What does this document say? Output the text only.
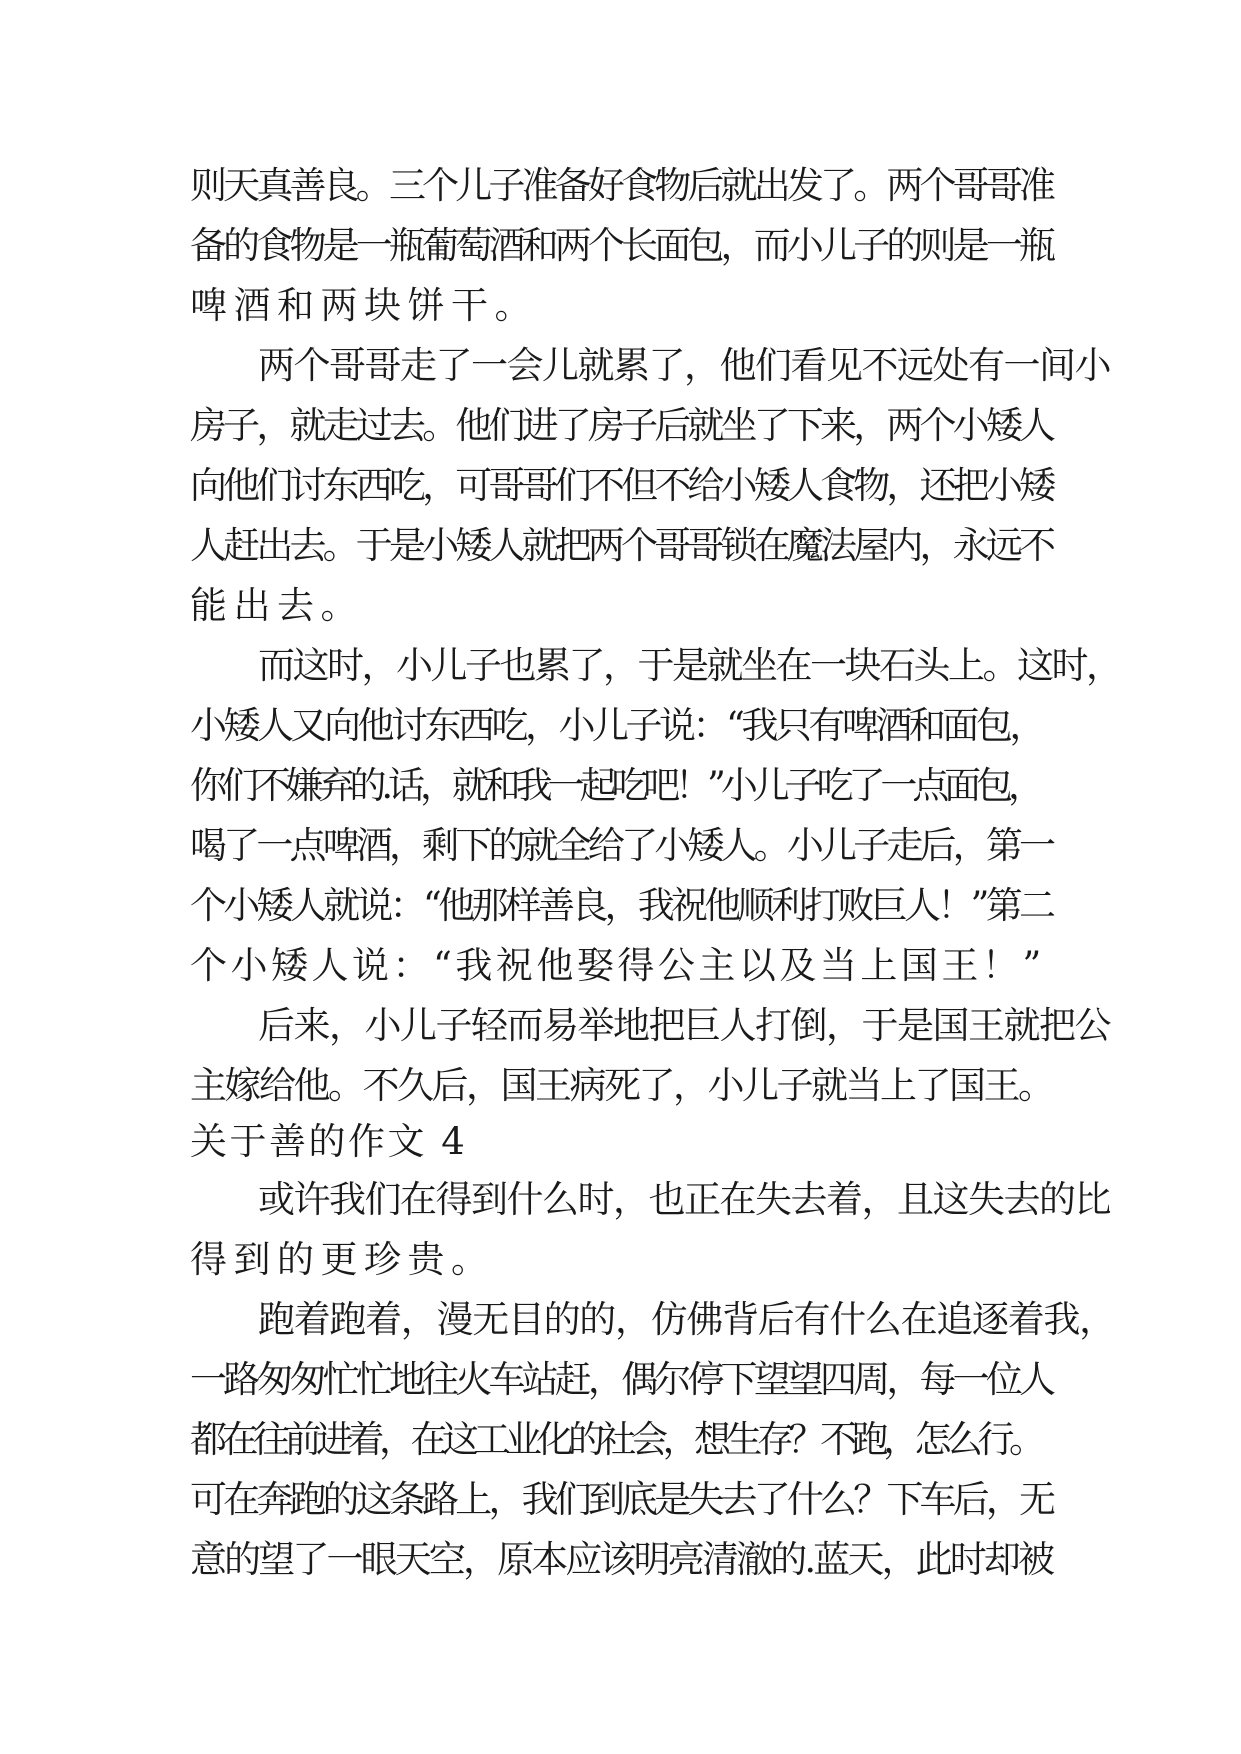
则天真善良。三个儿子准备好食物后就出发了。两个哥哥准
备的食物是一瓶葡萄酒和两个长面包，而小儿子的则是一瓶
啤酒和两块饼干。
两个哥哥走了一会儿就累了，他们看见不远处有一间小
房子，就走过去。他们进了房子后就坐了下来，两个小矮人
向他们讨东西吃，可哥哥们不但不给小矮人食物，还把小矮
人赶出去。于是小矮人就把两个哥哥锁在魔法屋内，永远不
能出去。
而这时，小儿子也累了，于是就坐在一块石头上。这时，
小矮人又向他讨东西吃，小儿子说：“我只有啤酒和面包，
你们不嫌弃的.话，就和我一起吃吧！”小儿子吃了一点面包，
喝了一点啤酒，剩下的就全给了小矮人。小儿子走后，第一
个小矮人就说：“他那样善良，我祝他顺利打败巨人！”第二
个小矮人说：“我祝他娶得公主以及当上国王！”
后来，小儿子轻而易举地把巨人打倒，于是国王就把公
主嫁给他。不久后，国王病死了，小儿子就当上了国王。
关于善的作文 4
或许我们在得到什么时，也正在失去着，且这失去的比
得到的更珍贵。
跑着跑着，漫无目的的，仿佛背后有什么在追逐着我，
一路匆匆忙忙地往火车站赶，偶尔停下望望四周，每一位人
都在往前进着，在这工业化的社会，想生存？不跑，怎么行。
可在奔跑的这条路上，我们到底是失去了什么？下车后，无
意的望了一眼天空，原本应该明亮清澈的.蓝天，此时却被
